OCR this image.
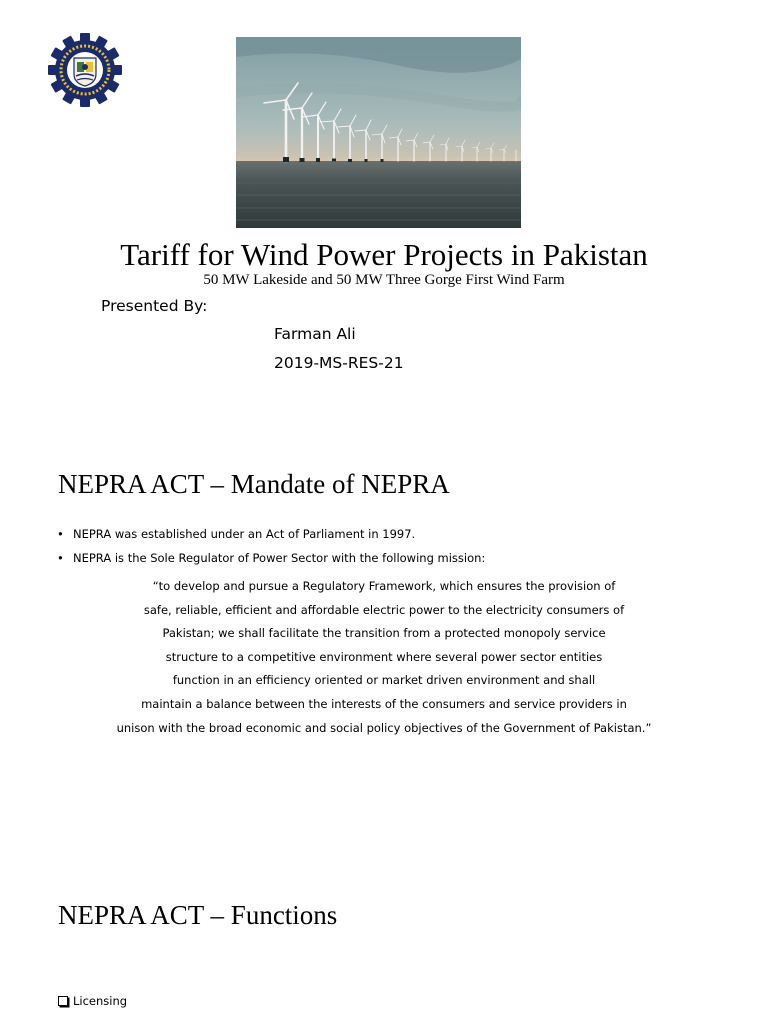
Tariff for Wind Power Projects in Pakistan
50 MW Lakeside and 50 MW Three Gorge First Wind Farm
Presented By:
Farman Ali
2019-MS-RES-21
NEPRA ACT – Mandate of NEPRA
• NEPRA was established under an Act of Parliament in 1997.
• NEPRA is the Sole Regulator of Power Sector with the following mission:
“to develop and pursue a Regulatory Framework, which ensures the provision of
safe, reliable, efficient and affordable electric power to the electricity consumers of
Pakistan; we shall facilitate the transition from a protected monopoly service
structure to a competitive environment where several power sector entities
function in an efficiency oriented or market driven environment and shall
maintain a balance between the interests of the consumers and service providers in
unison with the broad economic and social policy objectives of the Government of Pakistan.”
NEPRA ACT – Functions
Licensing
